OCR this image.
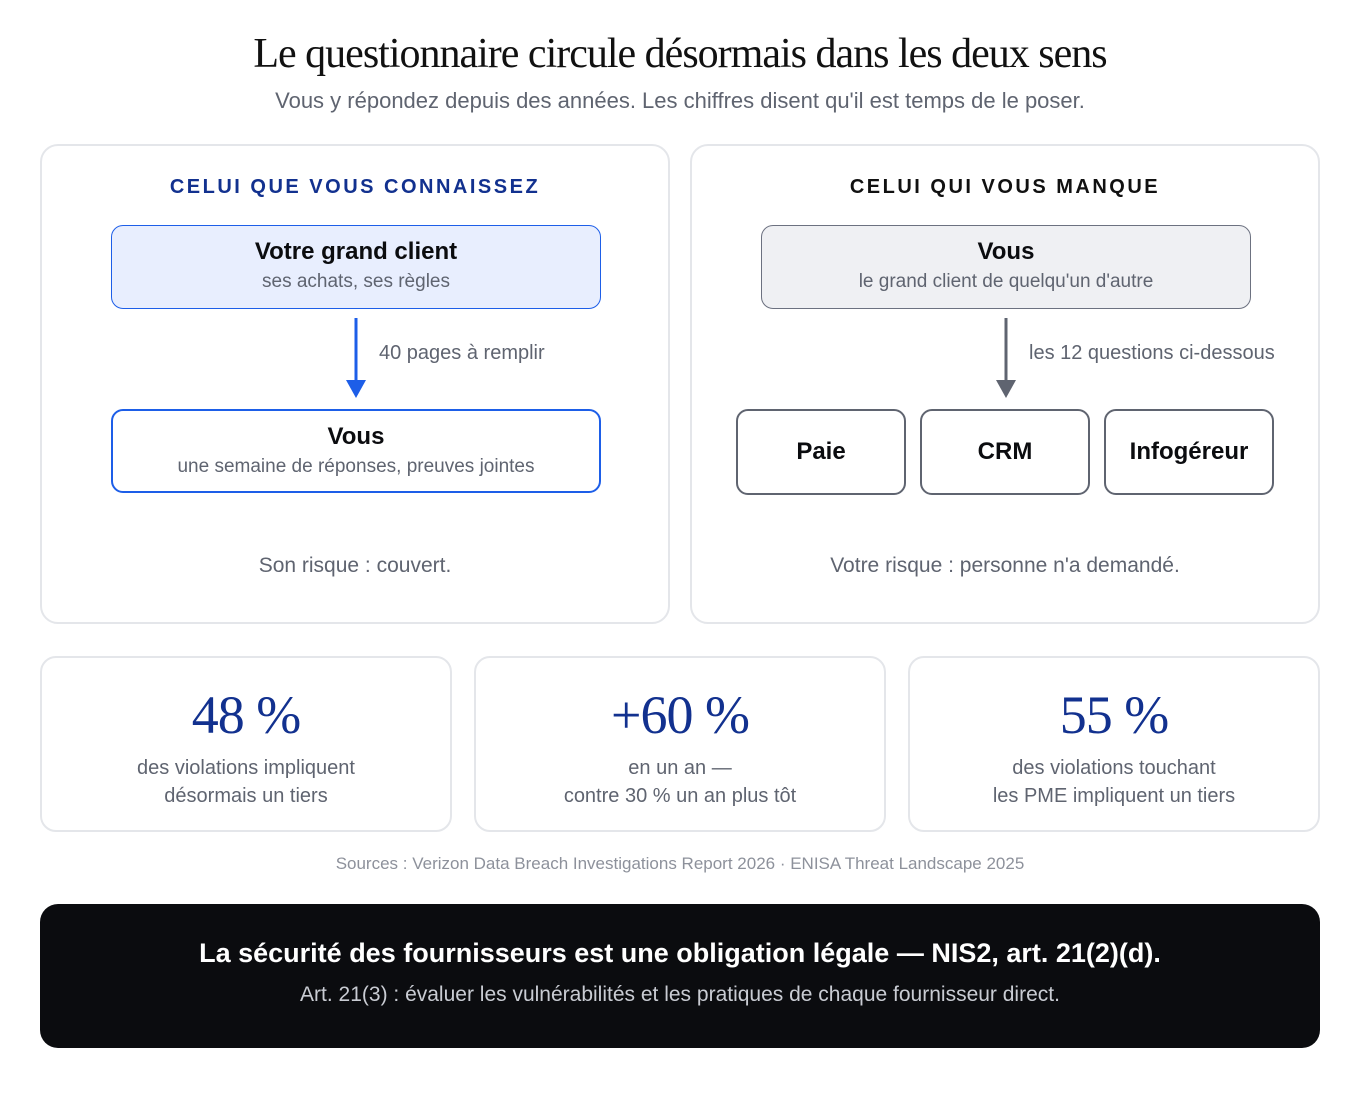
Le questionnaire circule désormais dans les deux sens
Vous y répondez depuis des années. Les chiffres disent qu'il est temps de le poser.
CELUI QUE VOUS CONNAISSEZ
Votre grand client
ses achats, ses règles
40 pages à remplir
Vous
une semaine de réponses, preuves jointes
Son risque : couvert.
CELUI QUI VOUS MANQUE
Vous
le grand client de quelqu'un d'autre
les 12 questions ci-dessous
Paie	CRM	Infogéreur
Votre risque : personne n'a demandé.
48 %
des violations impliquent
désormais un tiers
+60 %
en un an —
contre 30 % un an plus tôt
55 %
des violations touchant
les PME impliquent un tiers
Sources : Verizon Data Breach Investigations Report 2026 · ENISA Threat Landscape 2025
La sécurité des fournisseurs est une obligation légale — NIS2, art. 21(2)(d).
Art. 21(3) : évaluer les vulnérabilités et les pratiques de chaque fournisseur direct.
